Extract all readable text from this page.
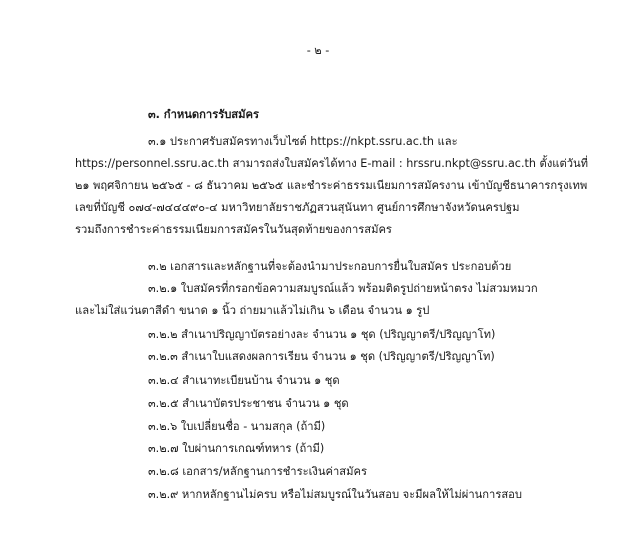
- ๒ -
๓. กำหนดการรับสมัคร
๓.๑ ประกาศรับสมัครทางเว็บไซต์ https://nkpt.ssru.ac.th และ
https://personnel.ssru.ac.th สามารถส่งใบสมัครได้ทาง E-mail : hrssru.nkpt@ssru.ac.th ตั้งแต่วันที่
๒๑ พฤศจิกายน ๒๕๖๕ - ๘ ธันวาคม ๒๕๖๕ และชำระค่าธรรมเนียมการสมัครงาน เข้าบัญชีธนาคารกรุงเทพ
เลขที่บัญชี ๐๗๔-๗๔๔๔๙๐-๔ มหาวิทยาลัยราชภัฏสวนสุนันทา ศูนย์การศึกษาจังหวัดนครปฐม
รวมถึงการชำระค่าธรรมเนียมการสมัครในวันสุดท้ายของการสมัคร
๓.๒ เอกสารและหลักฐานที่จะต้องนำมาประกอบการยื่นใบสมัคร ประกอบด้วย
๓.๒.๑ ใบสมัครที่กรอกข้อความสมบูรณ์แล้ว พร้อมติดรูปถ่ายหน้าตรง ไม่สวมหมวก
และไม่ใส่แว่นตาสีดำ ขนาด ๑ นิ้ว ถ่ายมาแล้วไม่เกิน ๖ เดือน จำนวน ๑ รูป
๓.๒.๒ สำเนาปริญญาบัตรอย่างละ จำนวน ๑ ชุด (ปริญญาตรี/ปริญญาโท)
๓.๒.๓ สำเนาใบแสดงผลการเรียน จำนวน ๑ ชุด (ปริญญาตรี/ปริญญาโท)
๓.๒.๔ สำเนาทะเบียนบ้าน จำนวน ๑ ชุด
๓.๒.๕ สำเนาบัตรประชาชน จำนวน ๑ ชุด
๓.๒.๖ ใบเปลี่ยนชื่อ - นามสกุล (ถ้ามี)
๓.๒.๗ ใบผ่านการเกณฑ์ทหาร (ถ้ามี)
๓.๒.๘ เอกสาร/หลักฐานการชำระเงินค่าสมัคร
๓.๒.๙ หากหลักฐานไม่ครบ หรือไม่สมบูรณ์ในวันสอบ จะมีผลให้ไม่ผ่านการสอบ
